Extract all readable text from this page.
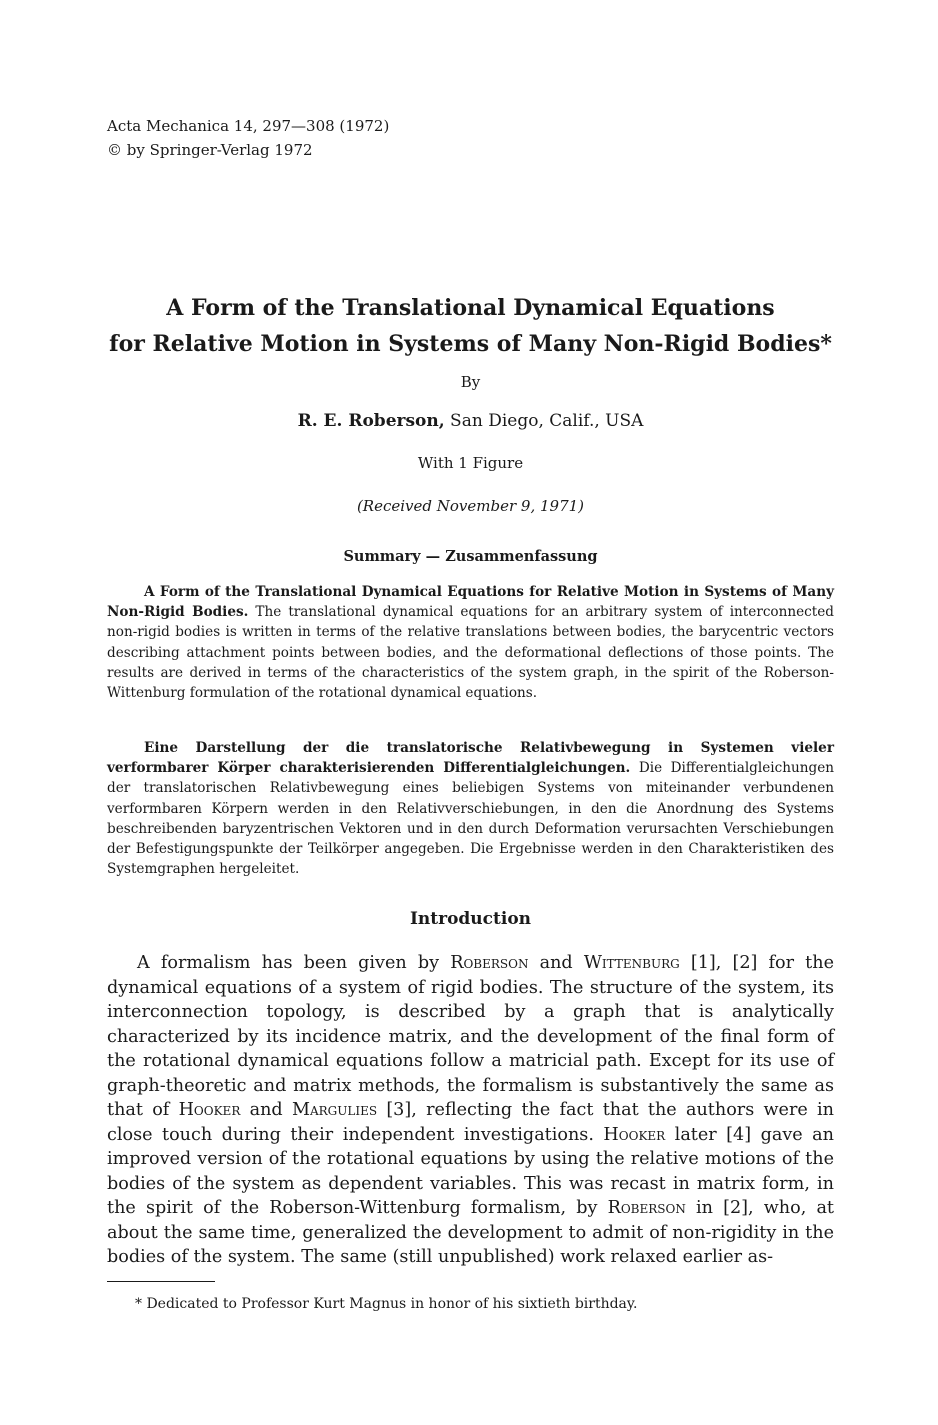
Acta Mechanica 14, 297—308 (1972)
© by Springer-Verlag 1972
A Form of the Translational Dynamical Equations
for Relative Motion in Systems of Many Non-Rigid Bodies*
By
R. E. Roberson, San Diego, Calif., USA
With 1 Figure
(Received November 9, 1971)
Summary — Zusammenfassung

A Form of the Translational Dynamical Equations for Relative Motion in Systems of Many Non-Rigid Bodies. The translational dynamical equations for an arbitrary system of interconnected non-rigid bodies is written in terms of the relative translations between bodies, the barycentric vectors describing attachment points between bodies, and the deformational deflections of those points. The results are derived in terms of the characteristics of the system graph, in the spirit of the Roberson-Wittenburg formulation of the rotational dynamical equations.

Eine Darstellung der die translatorische Relativbewegung in Systemen vieler verformbarer Körper charakterisierenden Differentialgleichungen. Die Differentialgleichungen der translatorischen Relativbewegung eines beliebigen Systems von miteinander verbundenen verformbaren Körpern werden in den Relativverschiebungen, in den die Anordnung des Systems beschreibenden baryzentrischen Vektoren und in den durch Deformation verursachten Verschiebungen der Befestigungspunkte der Teilkörper angegeben. Die Ergebnisse werden in den Charakteristiken des Systemgraphen hergeleitet.

Introduction

A formalism has been given by Roberson and Wittenburg [1], [2] for the dynamical equations of a system of rigid bodies. The structure of the system, its interconnection topology, is described by a graph that is analytically characterized by its incidence matrix, and the development of the final form of the rotational dynamical equations follow a matricial path. Except for its use of graph-theoretic and matrix methods, the formalism is substantively the same as that of Hooker and Margulies [3], reflecting the fact that the authors were in close touch during their independent investigations. Hooker later [4] gave an improved version of the rotational equations by using the relative motions of the bodies of the system as dependent variables. This was recast in matrix form, in the spirit of the Roberson-Wittenburg formalism, by Roberson in [2], who, at about the same time, generalized the development to admit of non-rigidity in the bodies of the system. The same (still unpublished) work relaxed earlier as-

* Dedicated to Professor Kurt Magnus in honor of his sixtieth birthday.
